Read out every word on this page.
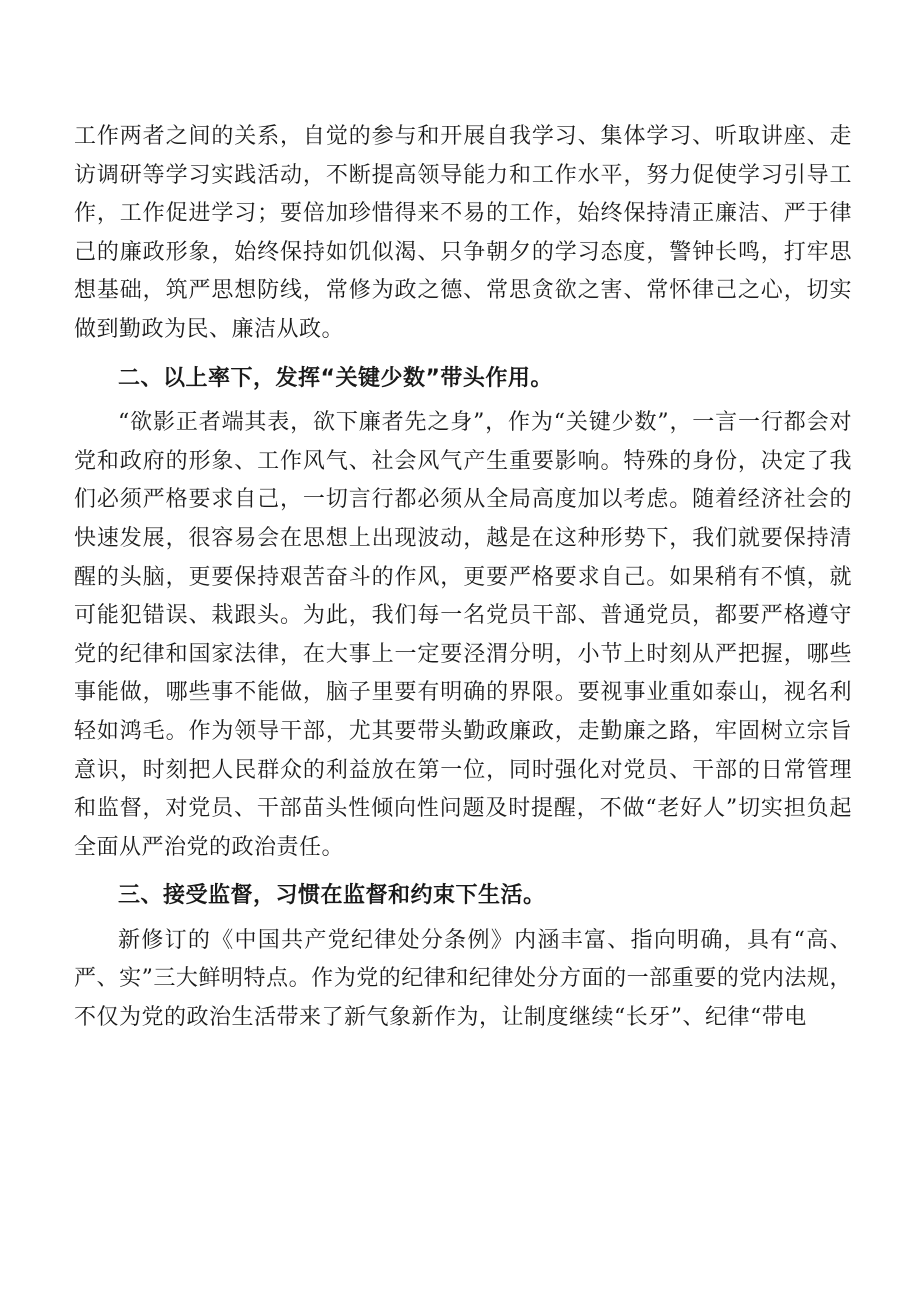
工作两者之间的关系，自觉的参与和开展自我学习、集体学习、听取讲座、走访调研等学习实践活动，不断提高领导能力和工作水平，努力促使学习引导工作，工作促进学习；要倍加珍惜得来不易的工作，始终保持清正廉洁、严于律己的廉政形象，始终保持如饥似渴、只争朝夕的学习态度，警钟长鸣，打牢思想基础，筑严思想防线，常修为政之德、常思贪欲之害、常怀律己之心，切实做到勤政为民、廉洁从政。

二、以上率下，发挥“关键少数”带头作用。

“欲影正者端其表，欲下廉者先之身”，作为“关键少数”，一言一行都会对党和政府的形象、工作风气、社会风气产生重要影响。特殊的身份，决定了我们必须严格要求自己，一切言行都必须从全局高度加以考虑。随着经济社会的快速发展，很容易会在思想上出现波动，越是在这种形势下，我们就要保持清醒的头脑，更要保持艰苦奋斗的作风，更要严格要求自己。如果稍有不慎，就可能犯错误、栽跟头。为此，我们每一名党员干部、普通党员，都要严格遵守党的纪律和国家法律，在大事上一定要泾渭分明，小节上时刻从严把握，哪些事能做，哪些事不能做，脑子里要有明确的界限。要视事业重如泰山，视名利轻如鸿毛。作为领导干部，尤其要带头勤政廉政，走勤廉之路，牢固树立宗旨意识，时刻把人民群众的利益放在第一位，同时强化对党员、干部的日常管理和监督，对党员、干部苗头性倾向性问题及时提醒，不做“老好人”切实担负起全面从严治党的政治责任。

三、接受监督，习惯在监督和约束下生活。

新修订的《中国共产党纪律处分条例》内涵丰富、指向明确，具有“高、严、实”三大鲜明特点。作为党的纪律和纪律处分方面的一部重要的党内法规，不仅为党的政治生活带来了新气象新作为，让制度继续“长牙”、纪律“带电
